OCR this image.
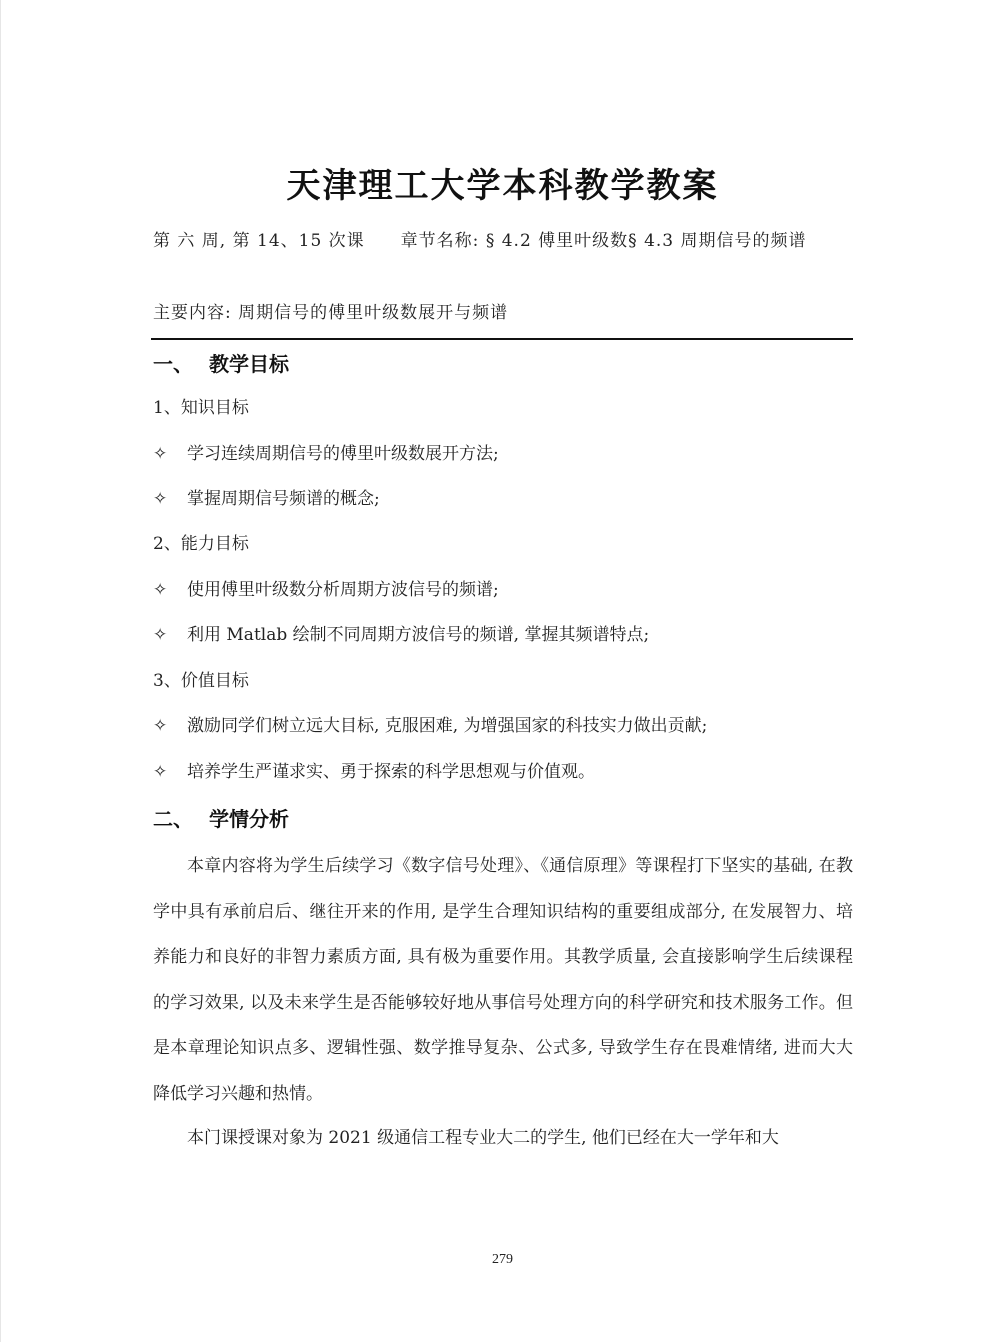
天津理工大学本科教学教案
第 六 周, 第 14、15 次课　　章节名称: § 4.2 傅里叶级数§ 4.3 周期信号的频谱
主要内容: 周期信号的傅里叶级数展开与频谱
一、 教学目标
1、知识目标
✧ 学习连续周期信号的傅里叶级数展开方法;
✧ 掌握周期信号频谱的概念;
2、能力目标
✧ 使用傅里叶级数分析周期方波信号的频谱;
✧ 利用 Matlab 绘制不同周期方波信号的频谱, 掌握其频谱特点;
3、价值目标
✧ 激励同学们树立远大目标, 克服困难, 为增强国家的科技实力做出贡献;
✧ 培养学生严谨求实、勇于探索的科学思想观与价值观。
二、 学情分析
本章内容将为学生后续学习《数字信号处理》、《通信原理》等课程打下坚实的基础, 在教学中具有承前启后、继往开来的作用, 是学生合理知识结构的重要组成部分, 在发展智力、培养能力和良好的非智力素质方面, 具有极为重要作用。其教学质量, 会直接影响学生后续课程的学习效果, 以及未来学生是否能够较好地从事信号处理方向的科学研究和技术服务工作。但是本章理论知识点多、逻辑性强、数学推导复杂、公式多, 导致学生存在畏难情绪, 进而大大降低学习兴趣和热情。
本门课授课对象为 2021 级通信工程专业大二的学生, 他们已经在大一学年和大
279
